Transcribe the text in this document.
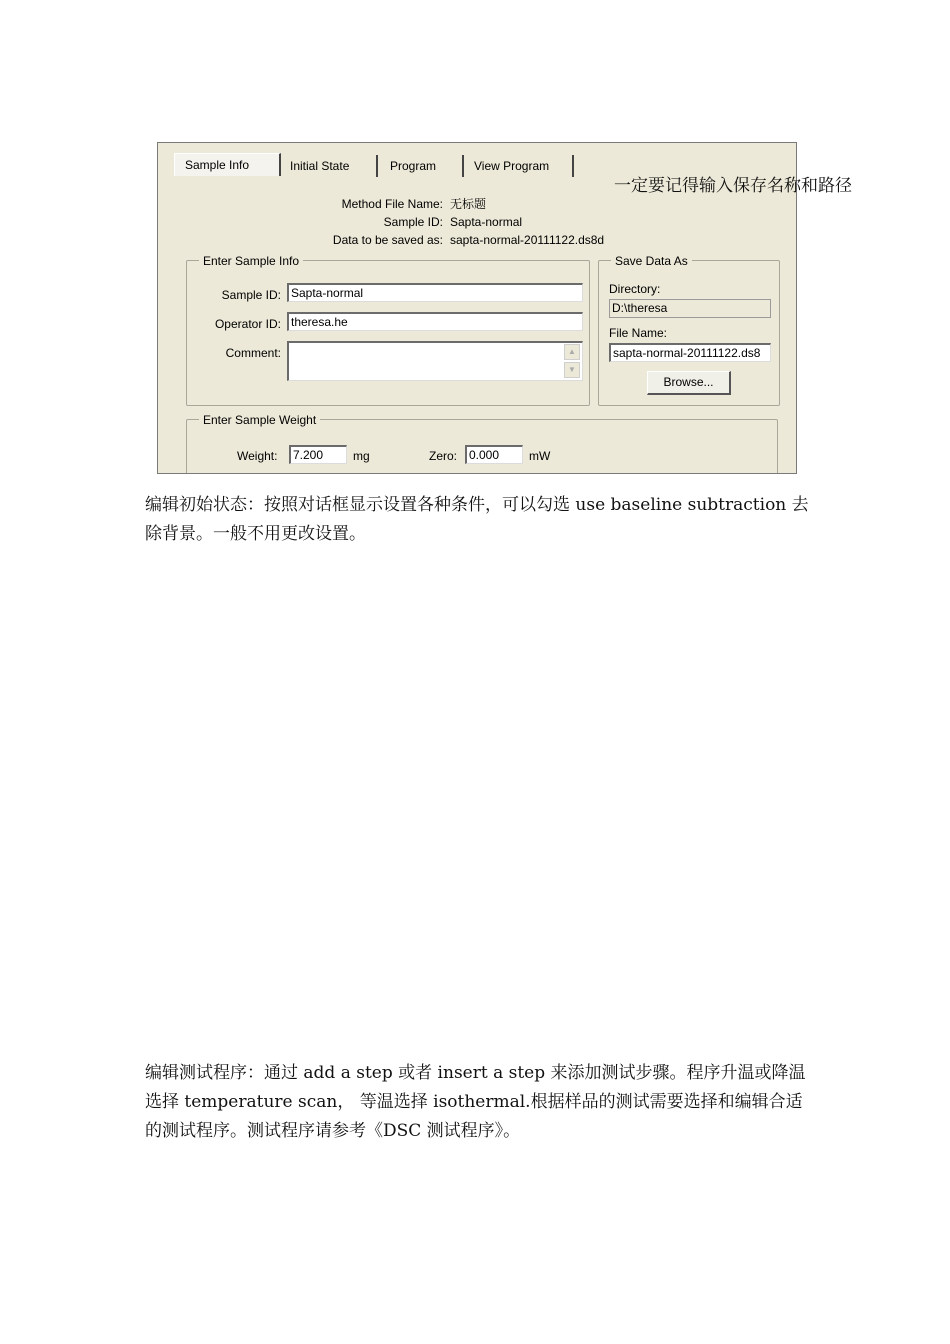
Sample Info	Initial State	Program	View Program
Method File Name: 无标题
Sample ID: Sapta-normal
Data to be saved as: sapta-normal-20111122.ds8d
Enter Sample Info
Sample ID: Sapta-normal
Operator ID: theresa.he
Comment:	▲
▼
Save Data As
Directory:
D:\theresa
File Name:
sapta-normal-20111122.ds8
Browse...
Enter Sample Weight
Weight:	7.200	mg	Zero: 0.000	mW
一定要记得输入保存名称和路径
编辑初始状态：按照对话框显示设置各种条件，可以勾选 use baseline subtraction 去除背景。一般不用更改设置。
编辑测试程序：通过 add a step 或者 insert a step 来添加测试步骤。程序升温或降温选择 temperature scan， 等温选择 isothermal.根据样品的测试需要选择和编辑合适的测试程序。测试程序请参考《DSC 测试程序》。
